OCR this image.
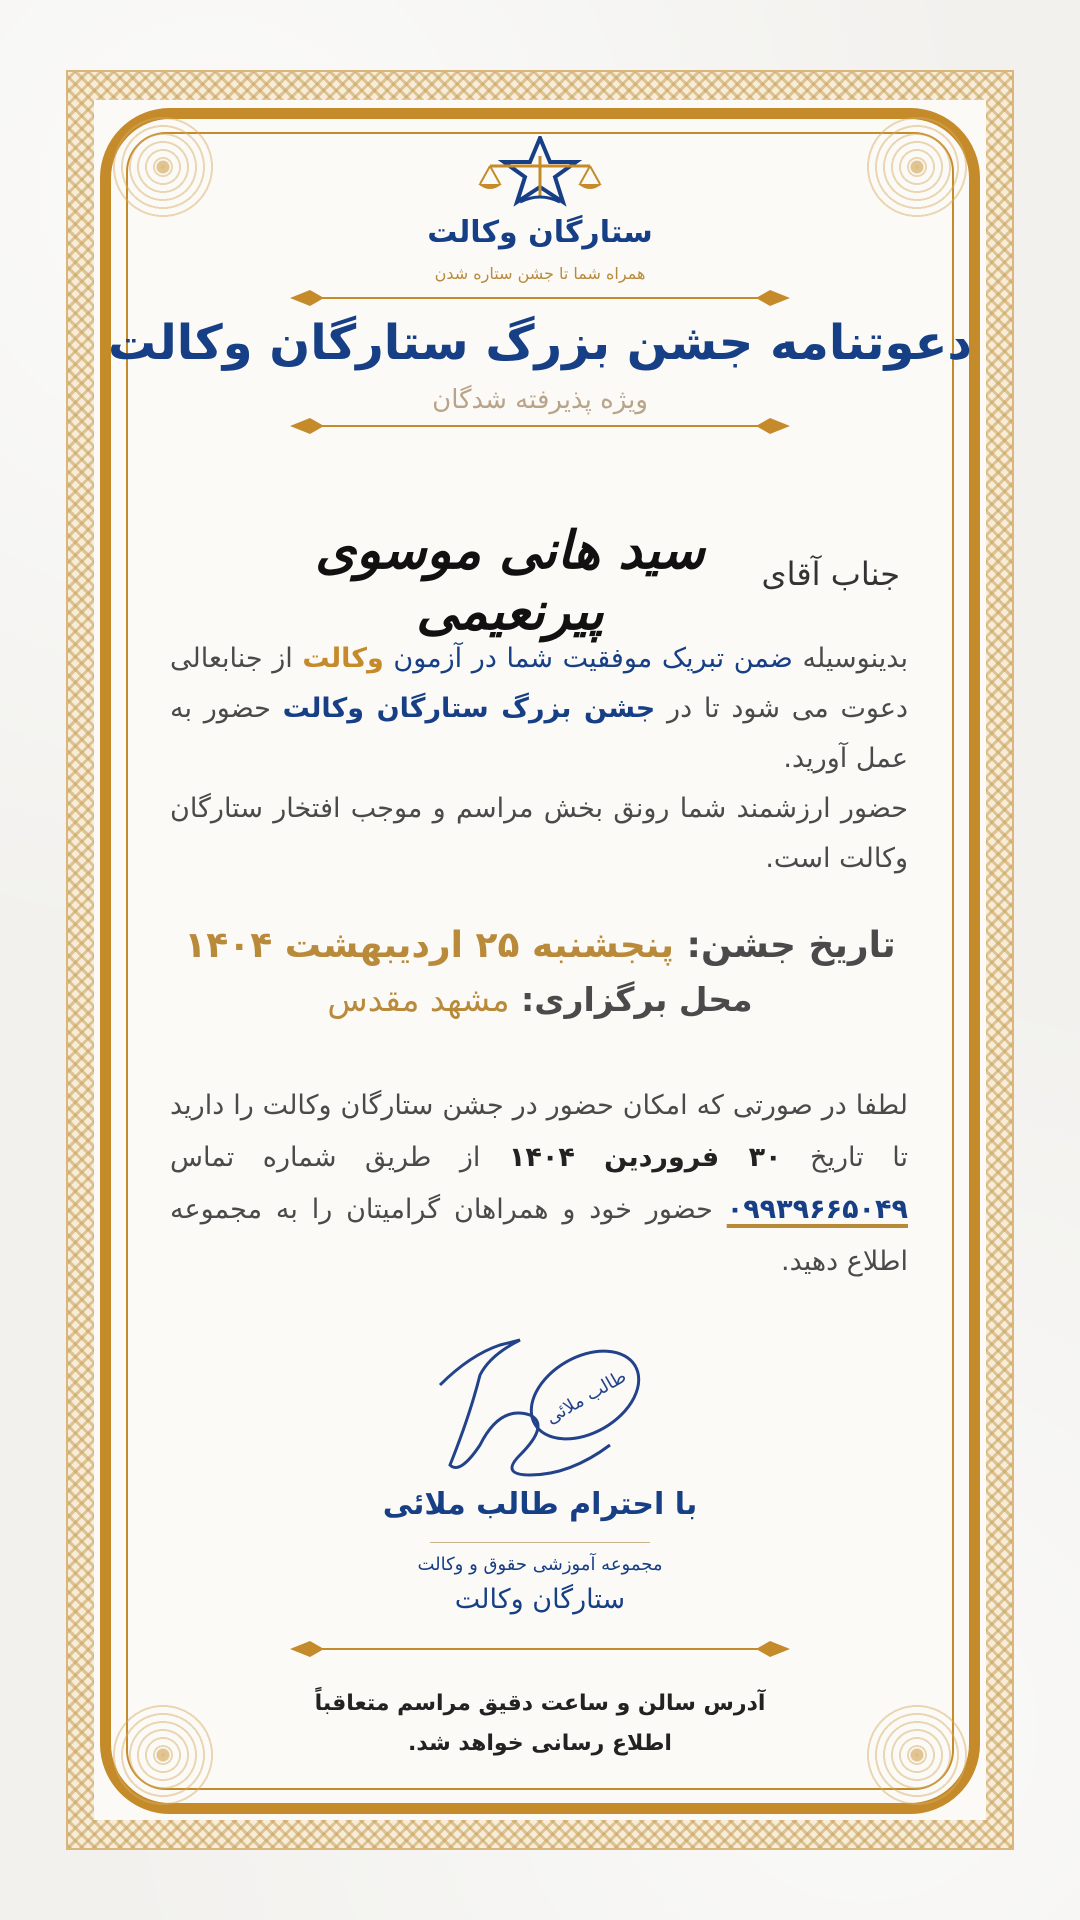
ستارگان وکالت
همراه شما تا جشن ستاره شدن
دعوتنامه جشن بزرگ ستارگان وکالت
ویژه پذیرفته شدگان
جناب آقای
سید هانی موسوی پیرنعیمی
بدینوسیله ضمن تبریک موفقیت شما در آزمون وکالت از جنابعالی دعوت می شود تا در جشن بزرگ ستارگان وکالت حضور به عمل آورید.
حضور ارزشمند شما رونق بخش مراسم و موجب افتخار ستارگان وکالت است.
تاریخ جشن: پنجشنبه ۲۵ اردیبهشت ۱۴۰۴
محل برگزاری: مشهد مقدس
لطفا در صورتی که امکان حضور در جشن ستارگان وکالت را دارید تا تاریخ ۳۰ فروردین ۱۴۰۴ از طریق شماره تماس ۰۹۹۳۹۶۶۵۰۴۹ حضور خود و همراهان گرامیتان را به مجموعه اطلاع دهید.
طالب ملائی
با احترام طالب ملائی
مجموعه آموزشی حقوق و وکالت
ستارگان وکالت
آدرس سالن و ساعت دقیق مراسم متعاقباً
اطلاع رسانی خواهد شد.
